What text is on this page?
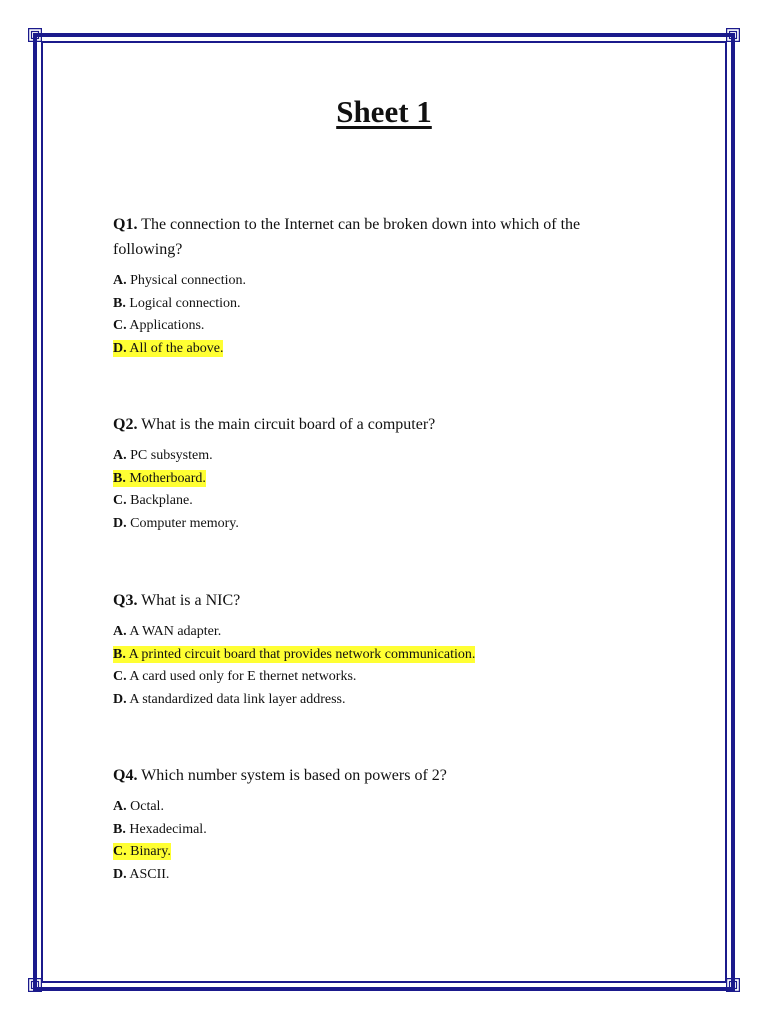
Sheet 1

Q1. The connection to the Internet can be broken down into which of the following?

A. Physical connection.

B. Logical connection.

C. Applications.

D. All of the above.

Q2. What is the main circuit board of a computer?

A. PC subsystem.

B. Motherboard.

C. Backplane.

D. Computer memory.

Q3. What is a NIC?

A. A WAN adapter.

B. A printed circuit board that provides network communication.

C. A card used only for E thernet networks.

D. A standardized data link layer address.

Q4. Which number system is based on powers of 2?

A. Octal.

B. Hexadecimal.

C. Binary.

D. ASCII.
